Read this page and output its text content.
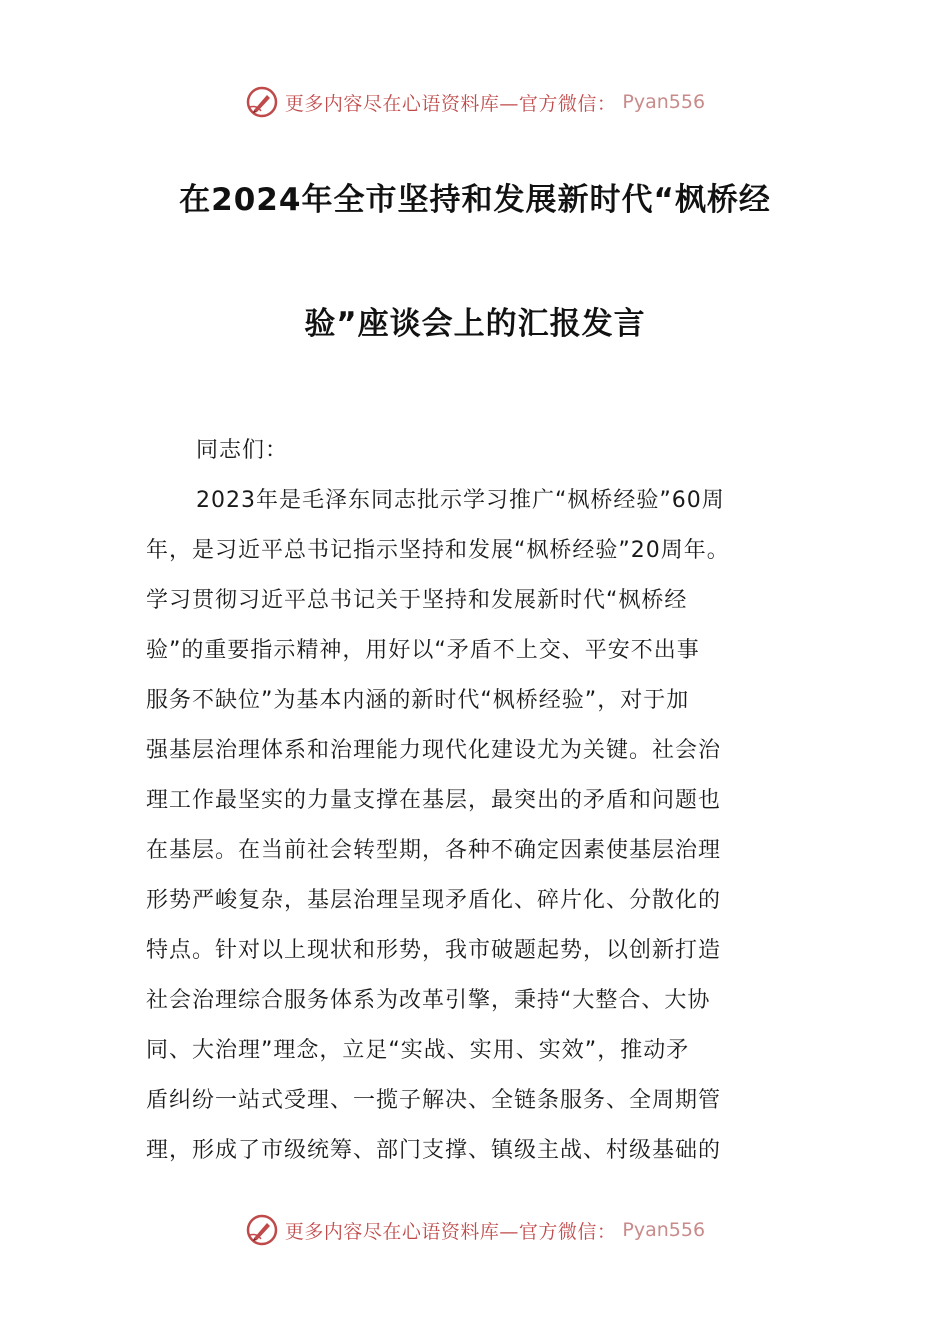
更多内容尽在心语资料库—官方微信： Pyan556
在2024年全市坚持和发展新时代“枫桥经
验”座谈会上的汇报发言
同志们：
2023年是毛泽东同志批示学习推广“枫桥经验”60周
年，是习近平总书记指示坚持和发展“枫桥经验”20周年。
学习贯彻习近平总书记关于坚持和发展新时代“枫桥经
验”的重要指示精神，用好以“矛盾不上交、平安不出事
服务不缺位”为基本内涵的新时代“枫桥经验”，对于加
强基层治理体系和治理能力现代化建设尤为关键。社会治
理工作最坚实的力量支撑在基层，最突出的矛盾和问题也
在基层。在当前社会转型期，各种不确定因素使基层治理
形势严峻复杂，基层治理呈现矛盾化、碎片化、分散化的
特点。针对以上现状和形势，我市破题起势，以创新打造
社会治理综合服务体系为改革引擎，秉持“大整合、大协
同、大治理”理念，立足“实战、实用、实效”，推动矛
盾纠纷一站式受理、一揽子解决、全链条服务、全周期管
理，形成了市级统筹、部门支撑、镇级主战、村级基础的
更多内容尽在心语资料库—官方微信： Pyan556
